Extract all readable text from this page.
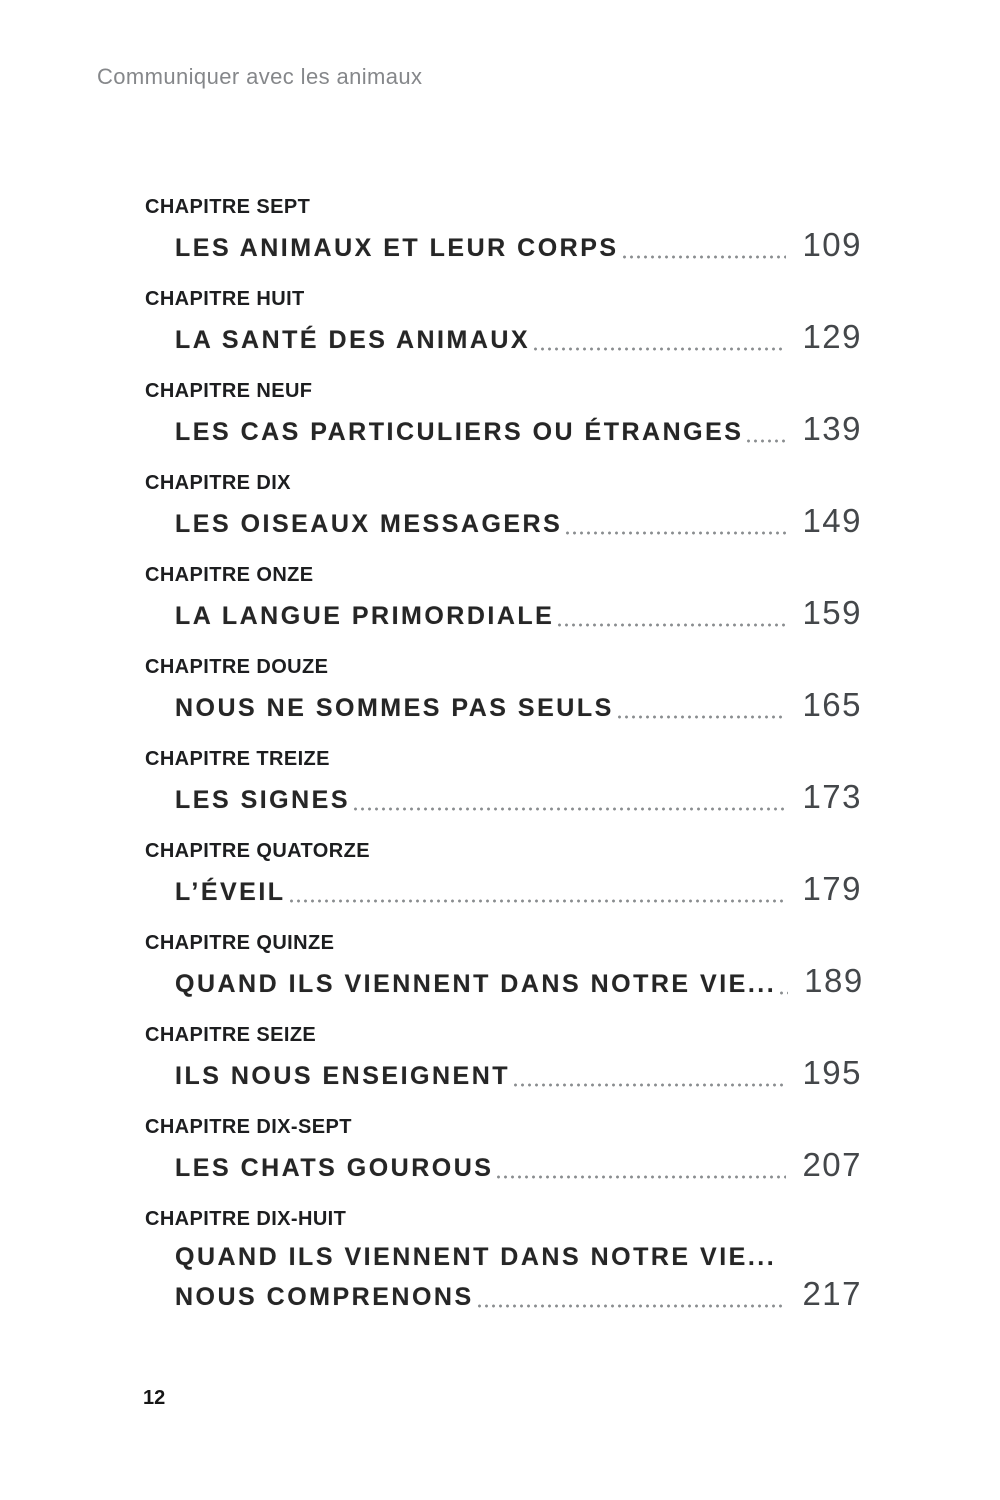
Communiquer avec les animaux
CHAPITRE SEPT
LES ANIMAUX ET LEUR CORPS	109
CHAPITRE HUIT
LA SANTÉ DES ANIMAUX	129
CHAPITRE NEUF
LES CAS PARTICULIERS OU ÉTRANGES 139
CHAPITRE DIX
LES OISEAUX MESSAGERS	149
CHAPITRE ONZE
LA LANGUE PRIMORDIALE	159
CHAPITRE DOUZE
NOUS NE SOMMES PAS SEULS	165
CHAPITRE TREIZE
LES SIGNES	173
CHAPITRE QUATORZE
L’ÉVEIL	179
CHAPITRE QUINZE
QUAND ILS VIENNENT DANS NOTRE VIE... 189
CHAPITRE SEIZE
ILS NOUS ENSEIGNENT	195
CHAPITRE DIX-SEPT
LES CHATS GOUROUS	207
CHAPITRE DIX-HUIT
QUAND ILS VIENNENT DANS NOTRE VIE...
NOUS COMPRENONS	217
12
